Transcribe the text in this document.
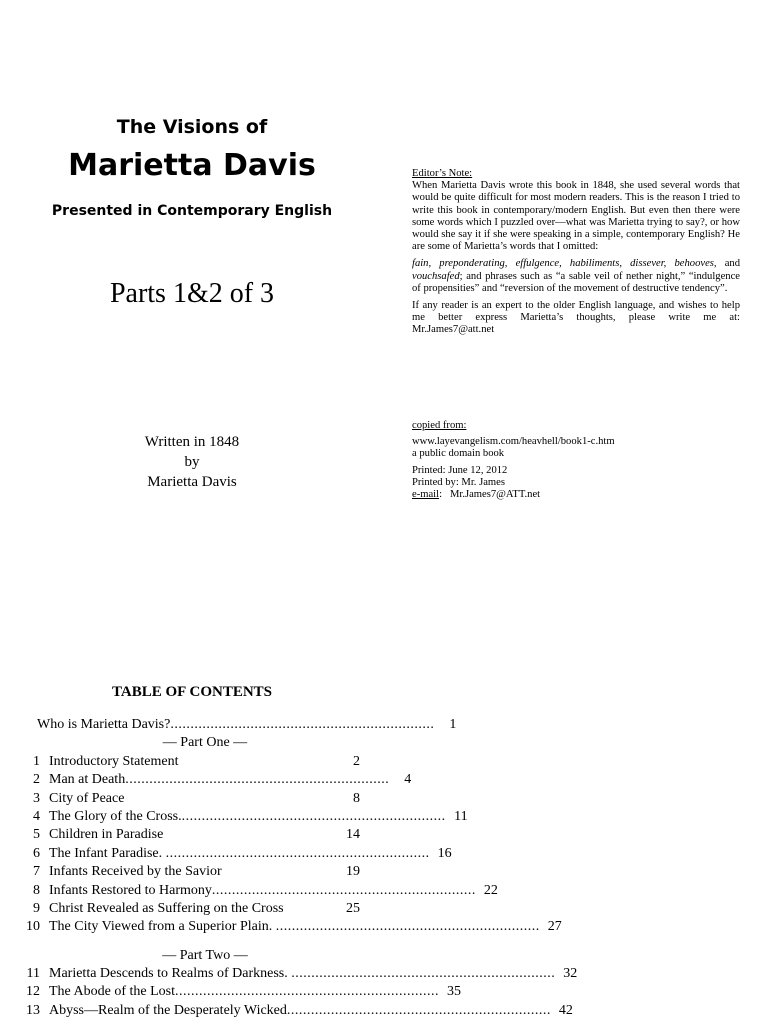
The Visions of
Marietta Davis
Presented in Contemporary English
Parts 1&2 of 3
Written in 1848
by
Marietta Davis

Editor’s Note:

When Marietta Davis wrote this book in 1848, she used several words that would be quite difficult for most modern readers. This is the reason I tried to write this book in contemporary/modern English. But even then there were some words which I puzzled over—what was Marietta trying to say?, or how would she say it if she were speaking in a simple, contemporary English? He are some of Marietta’s words that I omitted:

fain, preponderating, effulgence, habiliments, dissever, behooves, and vouchsafed; and phrases such as “a sable veil of nether night,” “indulgence of propensities” and “reversion of the movement of destructive tendency”.

If any reader is an expert to the older English language, and wishes to help me better express Marietta’s thoughts, please write me at: Mr.James7@att.net

copied from:

www.layevangelism.com/heavhell/book1-c.htm

a public domain book

Printed: June 12, 2012
Printed by: Mr. James
e-mail:   Mr.James7@ATT.net
TABLE OF CONTENTS
Who is Marietta Davis?..................................................................	1
— Part One —
1 Introductory Statement	2
2 Man at Death..................................................................	4
3 City of Peace	8
4 The Glory of the Cross................................................................... 11
5 Children in Paradise	14
6 The Infant Paradise. .................................................................. 16
7 Infants Received by the Savior	19
8 Infants Restored to Harmony.................................................................. 22
9 Christ Revealed as Suffering on the Cross	25
10 The City Viewed from a Superior Plain. .................................................................. 27
— Part Two —
11 Marietta Descends to Realms of Darkness. .................................................................. 32
12 The Abode of the Lost.................................................................. 35
13 Abyss—Realm of the Desperately Wicked.................................................................. 42
